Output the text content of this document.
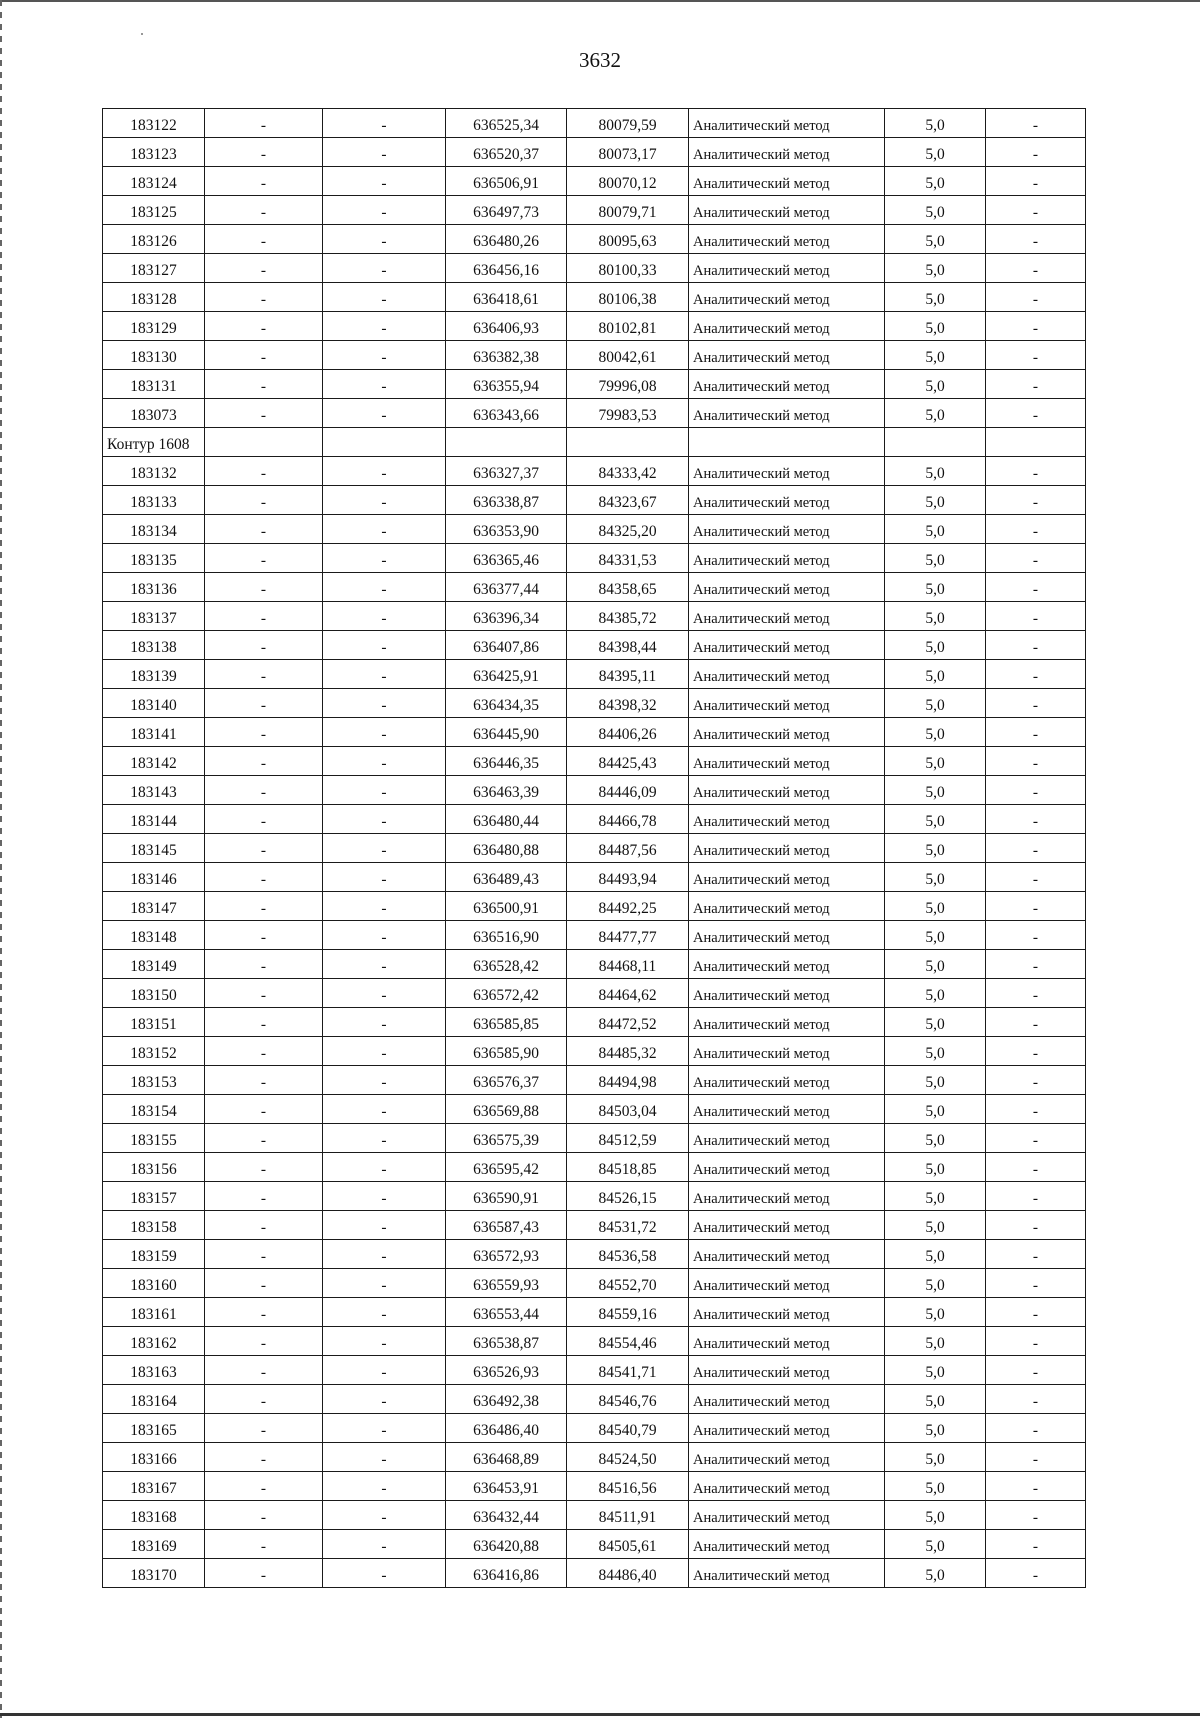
3632
183122	-	-	636525,34	80079,59	Аналитический метод	5,0	-
183123	-	-	636520,37	80073,17	Аналитический метод	5,0	-
183124	-	-	636506,91	80070,12	Аналитический метод	5,0	-
183125	-	-	636497,73	80079,71	Аналитический метод	5,0	-
183126	-	-	636480,26	80095,63	Аналитический метод	5,0	-
183127	-	-	636456,16	80100,33	Аналитический метод	5,0	-
183128	-	-	636418,61	80106,38	Аналитический метод	5,0	-
183129	-	-	636406,93	80102,81	Аналитический метод	5,0	-
183130	-	-	636382,38	80042,61	Аналитический метод	5,0	-
183131	-	-	636355,94	79996,08	Аналитический метод	5,0	-
183073	-	-	636343,66	79983,53	Аналитический метод	5,0	-
Контур 1608							
183132	-	-	636327,37	84333,42	Аналитический метод	5,0	-
183133	-	-	636338,87	84323,67	Аналитический метод	5,0	-
183134	-	-	636353,90	84325,20	Аналитический метод	5,0	-
183135	-	-	636365,46	84331,53	Аналитический метод	5,0	-
183136	-	-	636377,44	84358,65	Аналитический метод	5,0	-
183137	-	-	636396,34	84385,72	Аналитический метод	5,0	-
183138	-	-	636407,86	84398,44	Аналитический метод	5,0	-
183139	-	-	636425,91	84395,11	Аналитический метод	5,0	-
183140	-	-	636434,35	84398,32	Аналитический метод	5,0	-
183141	-	-	636445,90	84406,26	Аналитический метод	5,0	-
183142	-	-	636446,35	84425,43	Аналитический метод	5,0	-
183143	-	-	636463,39	84446,09	Аналитический метод	5,0	-
183144	-	-	636480,44	84466,78	Аналитический метод	5,0	-
183145	-	-	636480,88	84487,56	Аналитический метод	5,0	-
183146	-	-	636489,43	84493,94	Аналитический метод	5,0	-
183147	-	-	636500,91	84492,25	Аналитический метод	5,0	-
183148	-	-	636516,90	84477,77	Аналитический метод	5,0	-
183149	-	-	636528,42	84468,11	Аналитический метод	5,0	-
183150	-	-	636572,42	84464,62	Аналитический метод	5,0	-
183151	-	-	636585,85	84472,52	Аналитический метод	5,0	-
183152	-	-	636585,90	84485,32	Аналитический метод	5,0	-
183153	-	-	636576,37	84494,98	Аналитический метод	5,0	-
183154	-	-	636569,88	84503,04	Аналитический метод	5,0	-
183155	-	-	636575,39	84512,59	Аналитический метод	5,0	-
183156	-	-	636595,42	84518,85	Аналитический метод	5,0	-
183157	-	-	636590,91	84526,15	Аналитический метод	5,0	-
183158	-	-	636587,43	84531,72	Аналитический метод	5,0	-
183159	-	-	636572,93	84536,58	Аналитический метод	5,0	-
183160	-	-	636559,93	84552,70	Аналитический метод	5,0	-
183161	-	-	636553,44	84559,16	Аналитический метод	5,0	-
183162	-	-	636538,87	84554,46	Аналитический метод	5,0	-
183163	-	-	636526,93	84541,71	Аналитический метод	5,0	-
183164	-	-	636492,38	84546,76	Аналитический метод	5,0	-
183165	-	-	636486,40	84540,79	Аналитический метод	5,0	-
183166	-	-	636468,89	84524,50	Аналитический метод	5,0	-
183167	-	-	636453,91	84516,56	Аналитический метод	5,0	-
183168	-	-	636432,44	84511,91	Аналитический метод	5,0	-
183169	-	-	636420,88	84505,61	Аналитический метод	5,0	-
183170	-	-	636416,86	84486,40	Аналитический метод	5,0	-
